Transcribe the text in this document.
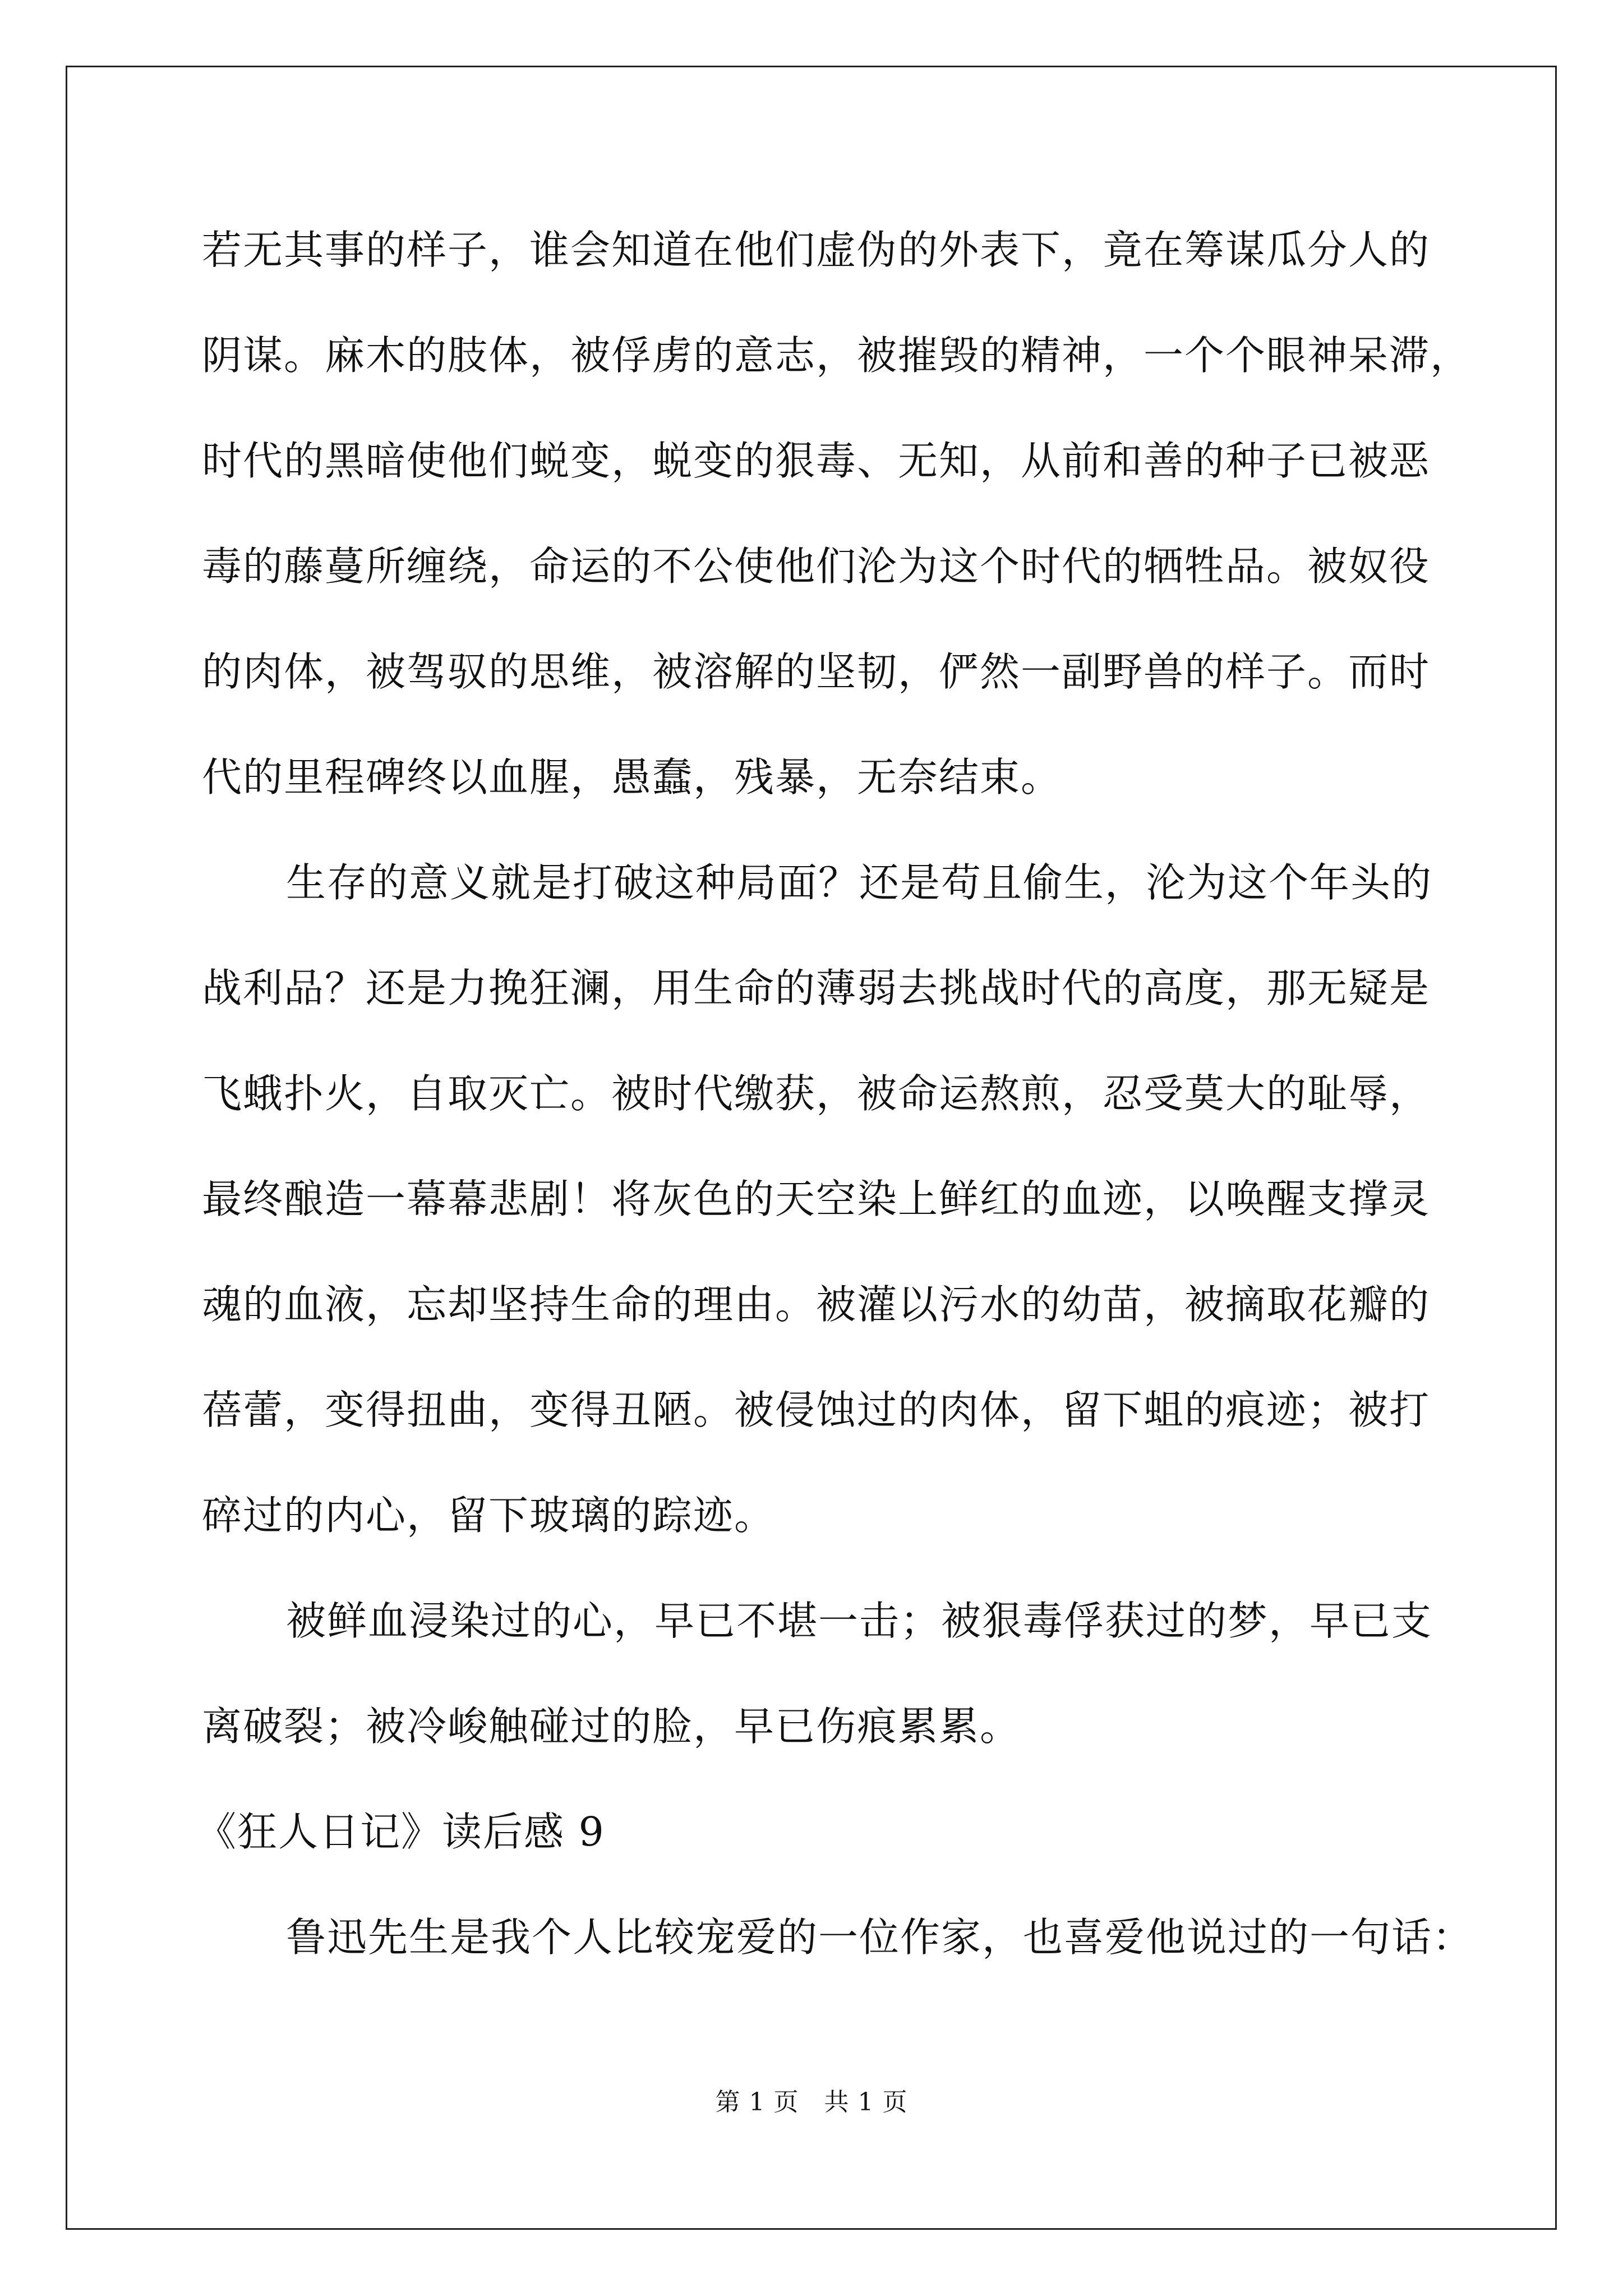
若无其事的样子，谁会知道在他们虚伪的外表下，竟在筹谋瓜分人的
阴谋。麻木的肢体，被俘虏的意志，被摧毁的精神，一个个眼神呆滞，
时代的黑暗使他们蜕变，蜕变的狠毒、无知，从前和善的种子已被恶
毒的藤蔓所缠绕，命运的不公使他们沦为这个时代的牺牲品。被奴役
的肉体，被驾驭的思维，被溶解的坚韧，俨然一副野兽的样子。而时
代的里程碑终以血腥，愚蠢，残暴，无奈结束。
生存的意义就是打破这种局面？还是苟且偷生，沦为这个年头的
战利品？还是力挽狂澜，用生命的薄弱去挑战时代的高度，那无疑是
飞蛾扑火，自取灭亡。被时代缴获，被命运熬煎，忍受莫大的耻辱，
最终酿造一幕幕悲剧！将灰色的天空染上鲜红的血迹，以唤醒支撑灵
魂的血液，忘却坚持生命的理由。被灌以污水的幼苗，被摘取花瓣的
蓓蕾，变得扭曲，变得丑陋。被侵蚀过的肉体，留下蛆的痕迹；被打
碎过的内心，留下玻璃的踪迹。
被鲜血浸染过的心，早已不堪一击；被狠毒俘获过的梦，早已支
离破裂；被冷峻触碰过的脸，早已伤痕累累。
《狂人日记》读后感 9
鲁迅先生是我个人比较宠爱的一位作家，也喜爱他说过的一句话：
第 1 页　共 1 页
